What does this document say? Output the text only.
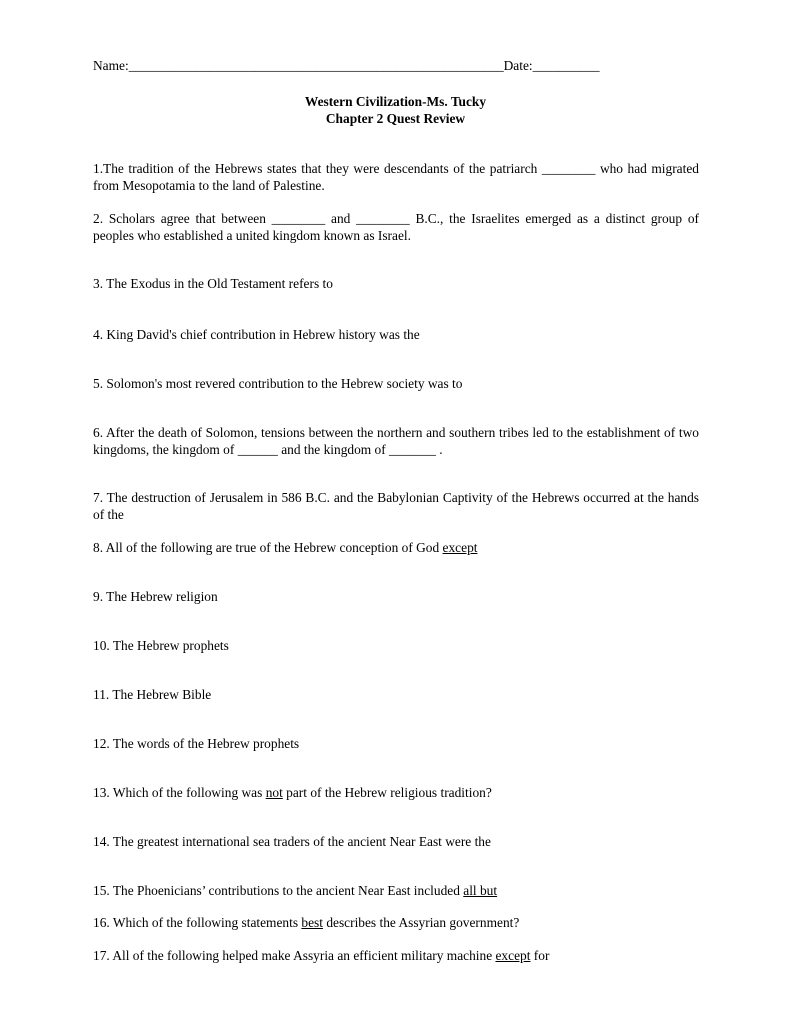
Name:________________________________________________________Date:__________
Western Civilization-Ms. Tucky
Chapter 2 Quest Review
1.The tradition of the Hebrews states that they were descendants of the patriarch ________ who had migrated from Mesopotamia to the land of Palestine.
2. Scholars agree that between ________ and ________ B.C., the Israelites emerged as a distinct group of peoples who established a united kingdom known as Israel.
3. The Exodus in the Old Testament refers to
4. King David's chief contribution in Hebrew history was the
5. Solomon's most revered contribution to the Hebrew society was to
6. After the death of Solomon, tensions between the northern and southern tribes led to the establishment of two kingdoms, the kingdom of ______ and the kingdom of _______ .
7. The destruction of Jerusalem in 586 B.C. and the Babylonian Captivity of the Hebrews occurred at the hands of the
8. All of the following are true of the Hebrew conception of God except
9. The Hebrew religion
10. The Hebrew prophets
11. The Hebrew Bible
12. The words of the Hebrew prophets
13. Which of the following was not part of the Hebrew religious tradition?
14. The greatest international sea traders of the ancient Near East were the
15. The Phoenicians’ contributions to the ancient Near East included all but
16. Which of the following statements best describes the Assyrian government?
17. All of the following helped make Assyria an efficient military machine except for
